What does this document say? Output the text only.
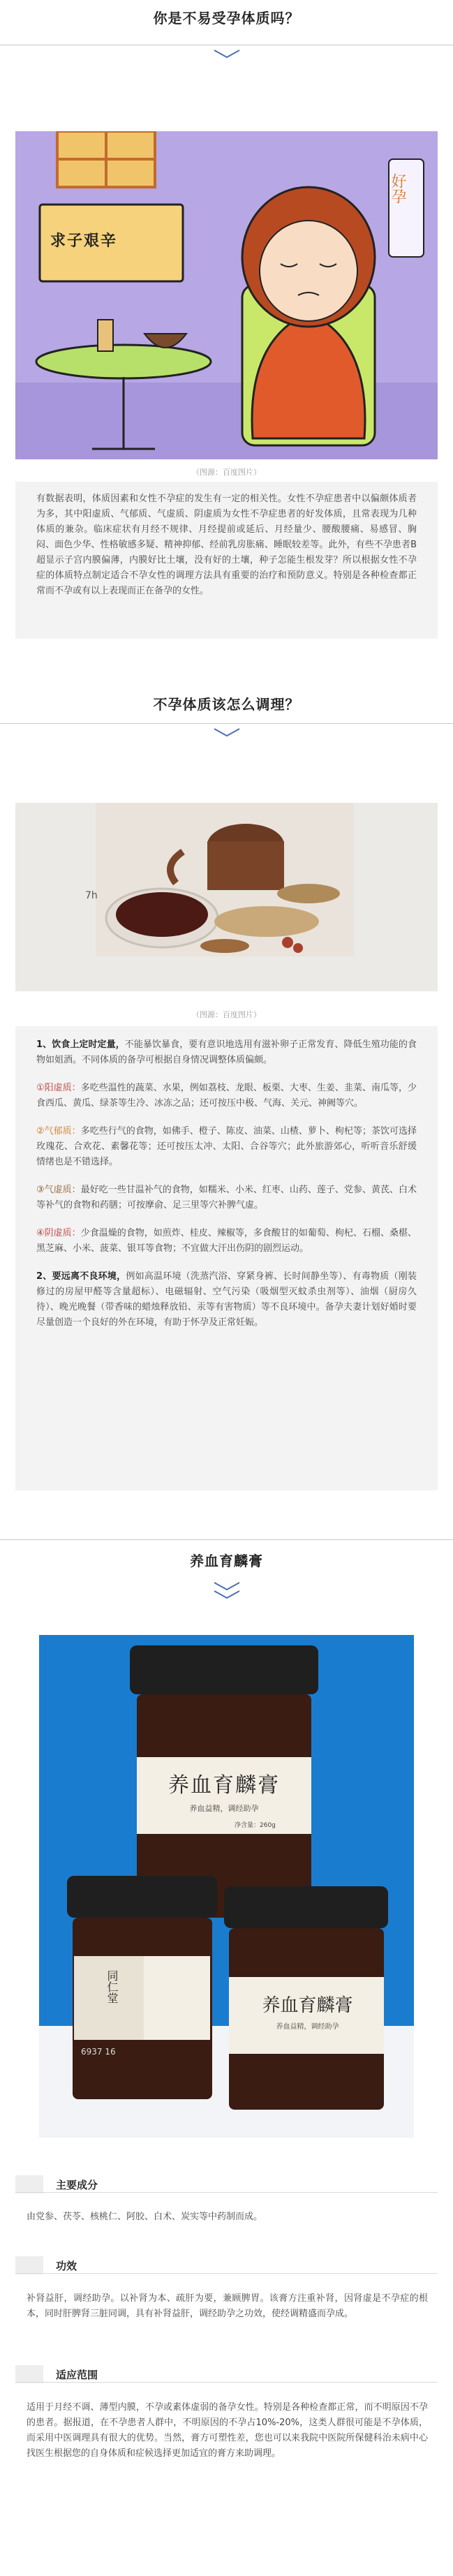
你是不易受孕体质吗？
好孕
求子艰辛
（图源：百度图片）
有数据表明，体质因素和女性不孕症的发生有一定的相关性。女性不孕症患者中以偏颇体质者为多，其中阳虚质、气郁质、气虚质、阴虚质为女性不孕症患者的好发体质，且常表现为几种体质的兼杂。临床症状有月经不规律、月经提前或延后、月经量少、腰酸腰痛、易感冒、胸闷、面色少华、性格敏感多疑、精神抑郁、经前乳房胀痛、睡眠较差等。此外，有些不孕患者B超显示子宫内膜偏薄，内膜好比土壤，没有好的土壤，种子怎能生根发芽？所以根据女性不孕症的体质特点制定适合不孕女性的调理方法具有重要的治疗和预防意义。特别是各种检查都正常而不孕或有以上表现而正在备孕的女性。
不孕体质该怎么调理？
7h
（图源：百度图片）
1、饮食上定时定量，不能暴饮暴食，要有意识地选用有滋补卵子正常发育、降低生殖功能的食物如姐酒。不同体质的备孕可根据自身情况调整体质偏颇。
①阳虚质：多吃些温性的蔬菜、水果，例如荔枝、龙眼、板栗、大枣、生姜、韭菜、南瓜等，少食西瓜、黄瓜、绿茶等生冷、冰冻之品；还可按压中极、气海、关元、神阙等穴。
②气郁质：多吃些行气的食物，如佛手、橙子、陈皮、油菜、山楂、萝卜、枸杞等；茶饮可选择玫瑰花、合欢花、素馨花等；还可按压太冲、太阳、合谷等穴；此外旅游郊心，听听音乐舒缓情绪也是不错选择。
③气虚质：最好吃一些甘温补气的食物，如糯米、小米、红枣、山药、莲子、党参、黄芪、白术等补气的食物和药膳；可按摩俞、足三里等穴补脾气虚。
④阴虚质：少食温燥的食物，如煎炸、桂皮、辣椒等，多食酸甘的如葡萄、枸杞、石榴、桑椹、黑芝麻、小米、菠菜、银耳等食物；不宜做大汗出伤阴的剧烈运动。
2、要远离不良环境，例如高温环境（洗蒸汽浴、穿紧身裤、长时间静坐等）、有毒物质（刚装修过的房屋甲醛等含量超标）、电磁辐射、空气污染（吸烟型灭蚊杀虫剂等）、油烟（厨房久待）、晚光晚餐（带香味的蜡烛释放铅、汞等有害物质）等不良环境中。备孕夫妻计划好婚时要尽量创造一个良好的外在环境，有助于怀孕及正常妊娠。
养血育麟膏
养血育麟膏
养血益精，调经助孕
净含量：260g
同仁堂
6937 16
养血育麟膏
养血益精，调经助孕
主要成分
由党参、茯苓、核桃仁、阿胶、白术、炭实等中药制而成。
功效
补肾益肝，调经助孕。以补肾为本、疏肝为要，兼顾脾胃。该膏方注重补肾，因肾虚是不孕症的根本，同时肝脾肾三脏同调，具有补肾益肝，调经助孕之功效，使经调精盛而孕成。
适应范围
适用于月经不调、薄型内膜，不孕或素体虚弱的备孕女性。特别是各种检查都正常，而不明原因不孕的患者。据报道，在不孕患者人群中，不明原因的不孕占10%-20%，这类人群很可能是不孕体质，而采用中医调理具有很大的优势。当然，膏方可塑性差，您也可以来我院中医院所保健科治未病中心找医生根据您的自身体质和症候选择更加适宜的膏方来助调理。
